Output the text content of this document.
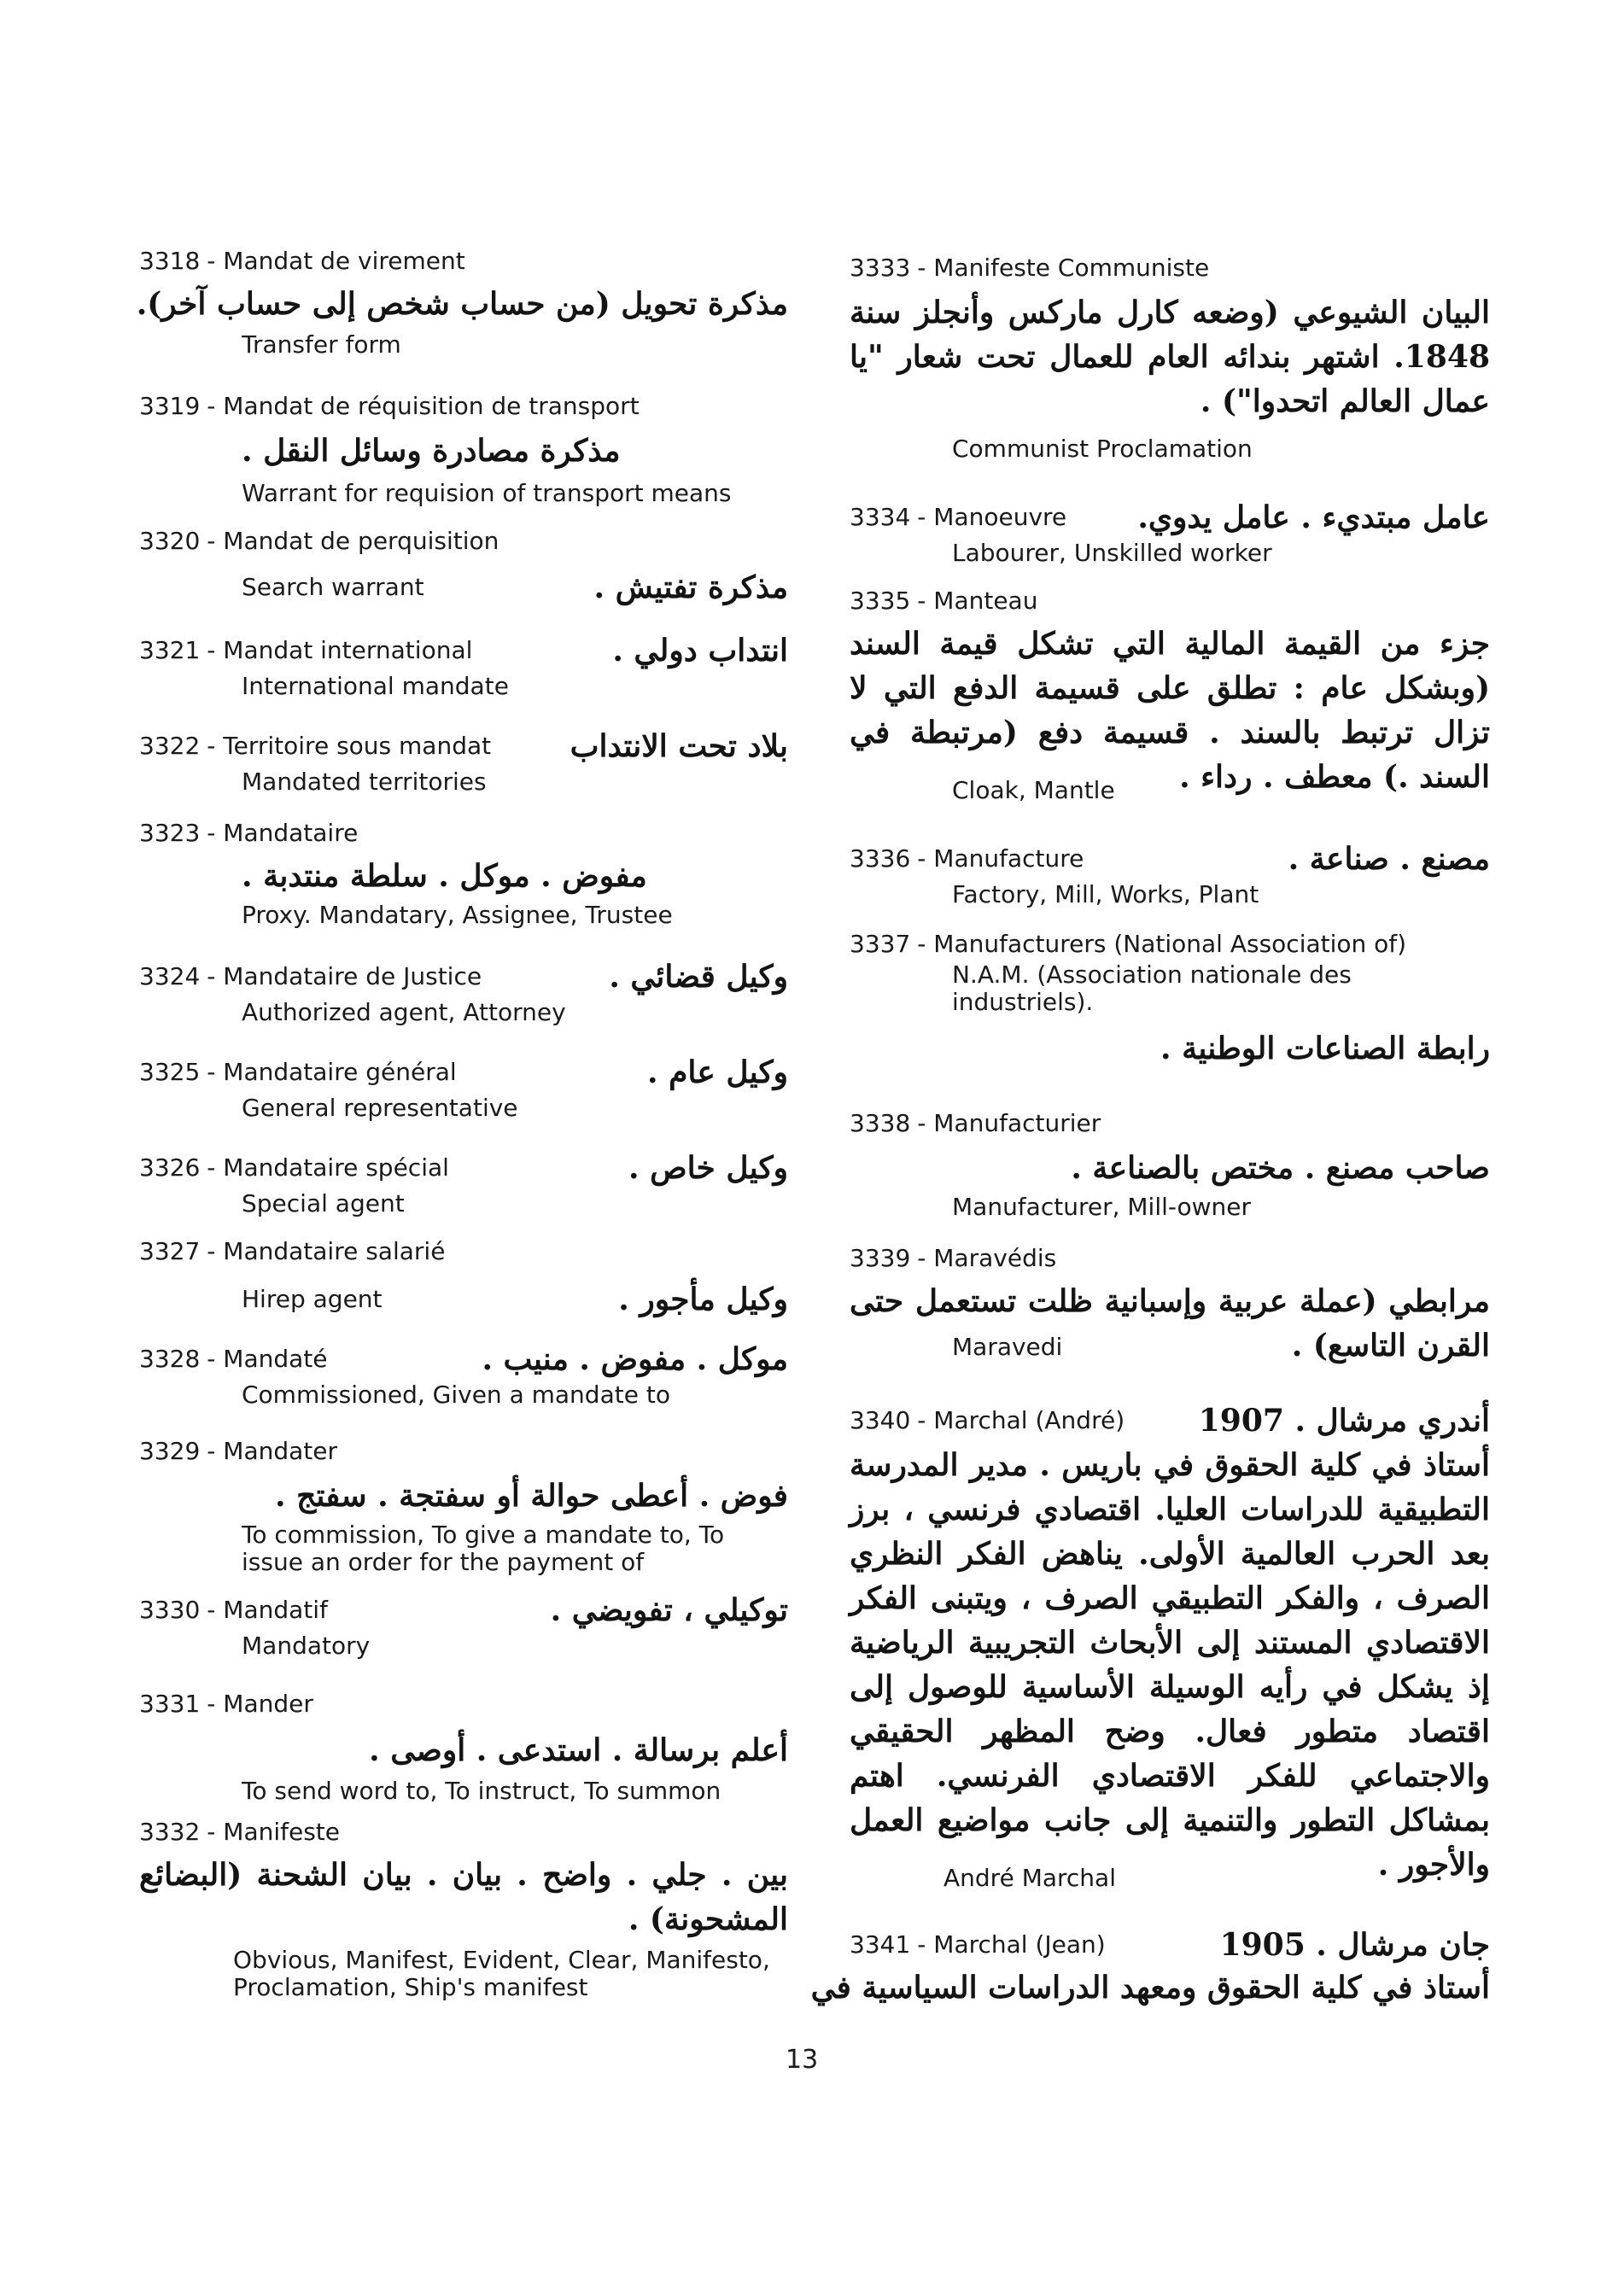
3318 - Mandat de virement
مذكرة تحويل (من حساب شخص إلى حساب آخر).
Transfer form
3319 - Mandat de réquisition de transport
مذكرة مصادرة وسائل النقل .
Warrant for requision of transport means
3320 - Mandat de perquisition
Search warrant	مذكرة تفتيش .
3321 - Mandat international	انتداب دولي .
International mandate
3322 - Territoire sous mandat	بلاد تحت الانتداب
Mandated territories
3323 - Mandataire
مفوض . موكل . سلطة منتدبة .
Proxy. Mandatary, Assignee, Trustee
3324 - Mandataire de Justice	وكيل قضائي .
Authorized agent, Attorney
3325 - Mandataire général	وكيل عام .
General representative
3326 - Mandataire spécial	وكيل خاص .
Special agent
3327 - Mandataire salarié
Hirep agent	وكيل مأجور .
3328 - Mandaté	موكل . مفوض . منيب .
Commissioned, Given a mandate to
3329 - Mandater
فوض . أعطى حوالة أو سفتجة . سفتج .
To commission, To give a mandate to, To issue an order for the payment of
3330 - Mandatif	توكيلي ، تفويضي .
Mandatory
3331 - Mander
أعلم برسالة . استدعى . أوصى .
To send word to, To instruct, To summon
3332 - Manifeste
بين . جلي . واضح . بيان . بيان الشحنة (البضائع المشحونة) .
Obvious, Manifest, Evident, Clear, Manifesto, Proclamation, Ship's manifest
3333 - Manifeste Communiste
البيان الشيوعي (وضعه كارل ماركس وأنجلز سنة 1848. اشتهر بندائه العام للعمال تحت شعار "يا عمال العالم اتحدوا") .
Communist Proclamation
3334 - Manoeuvre عامل مبتديء . عامل يدوي.
Labourer, Unskilled worker
3335 - Manteau
جزء من القيمة المالية التي تشكل قيمة السند (وبشكل عام : تطلق على قسيمة الدفع التي لا تزال ترتبط بالسند . قسيمة دفع (مرتبطة في السند .) معطف . رداء .
Cloak, Mantle
3336 - Manufacture	مصنع . صناعة .
Factory, Mill, Works, Plant
3337 - Manufacturers (National Association of)
N.A.M. (Association nationale des industriels).
رابطة الصناعات الوطنية .
3338 - Manufacturier
صاحب مصنع . مختص بالصناعة .
Manufacturer, Mill-owner
3339 - Maravédis
مرابطي (عملة عربية وإسبانية ظلت تستعمل حتى القرن التاسع) .
Maravedi
3340 - Marchal (André) أندري مرشال . 1907
أستاذ في كلية الحقوق في باريس . مدير المدرسة التطبيقية للدراسات العليا. اقتصادي فرنسي ، برز بعد الحرب العالمية الأولى. يناهض الفكر النظري الصرف ، والفكر التطبيقي الصرف ، ويتبنى الفكر الاقتصادي المستند إلى الأبحاث التجريبية الرياضية إذ يشكل في رأيه الوسيلة الأساسية للوصول إلى اقتصاد متطور فعال. وضح المظهر الحقيقي والاجتماعي للفكر الاقتصادي الفرنسي. اهتم بمشاكل التطور والتنمية إلى جانب مواضيع العمل والأجور .
André Marchal
3341 - Marchal (Jean)	جان مرشال . 1905
أستاذ في كلية الحقوق ومعهد الدراسات السياسية في
13
